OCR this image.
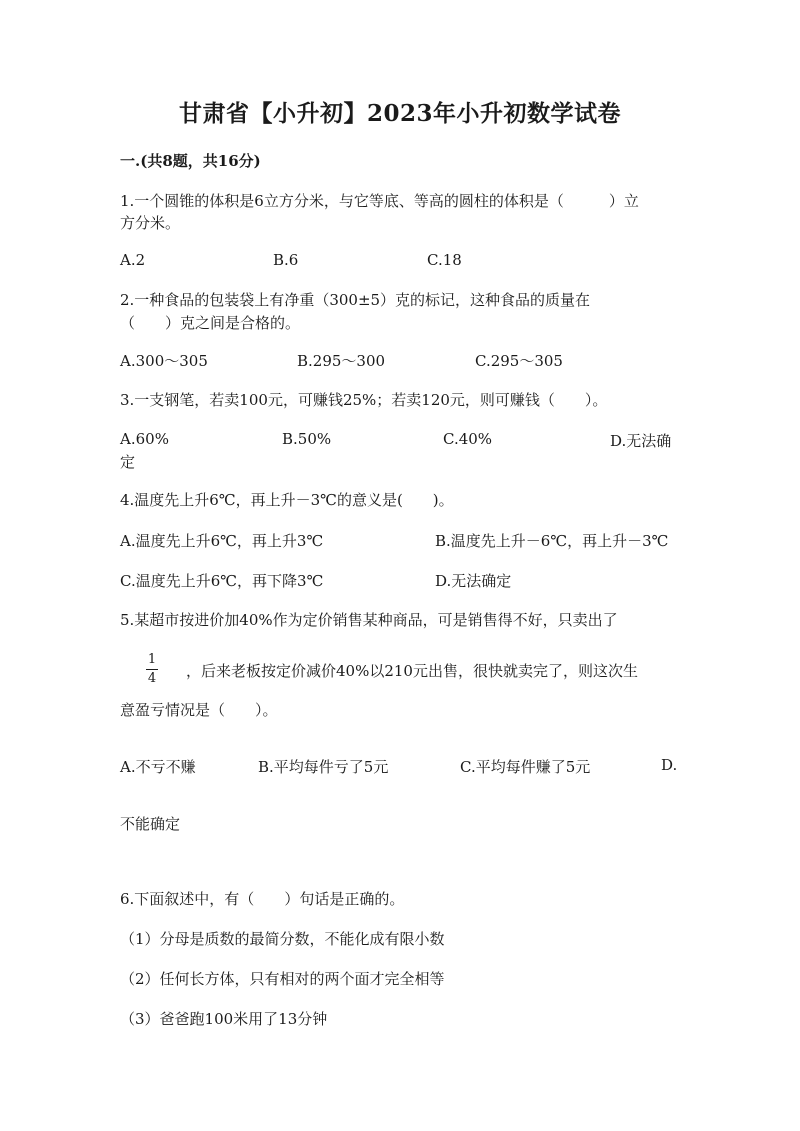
甘肃省【小升初】2023年小升初数学试卷
一.(共8题，共16分)
1.一个圆锥的体积是6立方分米，与它等底、等高的圆柱的体积是（　　　）立
方分米。
A.2	B.6	C.18
2.一种食品的包装袋上有净重（300±5）克的标记，这种食品的质量在
（　　）克之间是合格的。
A.300～305	B.295～300	C.295～305
3.一支钢笔，若卖100元，可赚钱25%；若卖120元，则可赚钱（　　）。
A.60%	B.50%	C.40%	D.无法确
定
4.温度先上升6℃，再上升－3℃的意义是(　　)。
A.温度先上升6℃，再上升3℃	B.温度先上升－6℃，再上升－3℃
C.温度先上升6℃，再下降3℃	D.无法确定
5.某超市按进价加40%作为定价销售某种商品，可是销售得不好，只卖出了
1
4 ，后来老板按定价减价40%以210元出售，很快就卖完了，则这次生
意盈亏情况是（　　）。
A.不亏不赚	B.平均每件亏了5元	C.平均每件赚了5元	D.
不能确定
6.下面叙述中，有（　　）句话是正确的。
（1）分母是质数的最简分数，不能化成有限小数
（2）任何长方体，只有相对的两个面才完全相等
（3）爸爸跑100米用了13分钟
